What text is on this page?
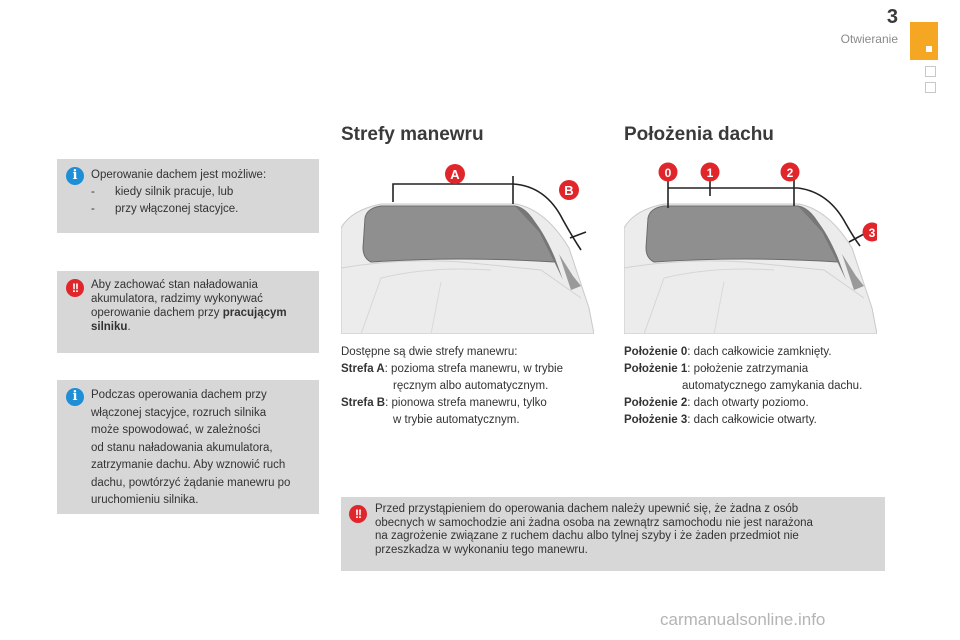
3
Otwieranie
i	Operowanie dachem jest możliwe:
- kiedy silnik pracuje, lub
- przy włączonej stacyjce.
!!	Aby zachować stan naładowania akumulatora, radzimy wykonywać operowanie dachem przy pracującym silniku.
i	Podczas operowania dachem przy
włączonej stacyjce, rozruch silnika
może spowodować, w zależności
od stanu naładowania akumulatora,
zatrzymanie dachu. Aby wznowić ruch
dachu, powtórzyć żądanie manewru po
uruchomieniu silnika.
Strefy manewru
A
B
Dostępne są dwie strefy manewru:
Strefa A: pozioma strefa manewru, w trybie
ręcznym albo automatycznym.
Strefa B: pionowa strefa manewru, tylko
w trybie automatycznym.
Położenia dachu
0	1	2
3
Położenie 0: dach całkowicie zamknięty.
Położenie 1: położenie zatrzymania
automatycznego zamykania dachu.
Położenie 2: dach otwarty poziomo.
Położenie 3: dach całkowicie otwarty.
!!	Przed przystąpieniem do operowania dachem należy upewnić się, że żadna z osób
obecnych w samochodzie ani żadna osoba na zewnątrz samochodu nie jest narażona
na zagrożenie związane z ruchem dachu albo tylnej szyby i że żaden przedmiot nie
przeszkadza w wykonaniu tego manewru.
carmanualsonline.info
